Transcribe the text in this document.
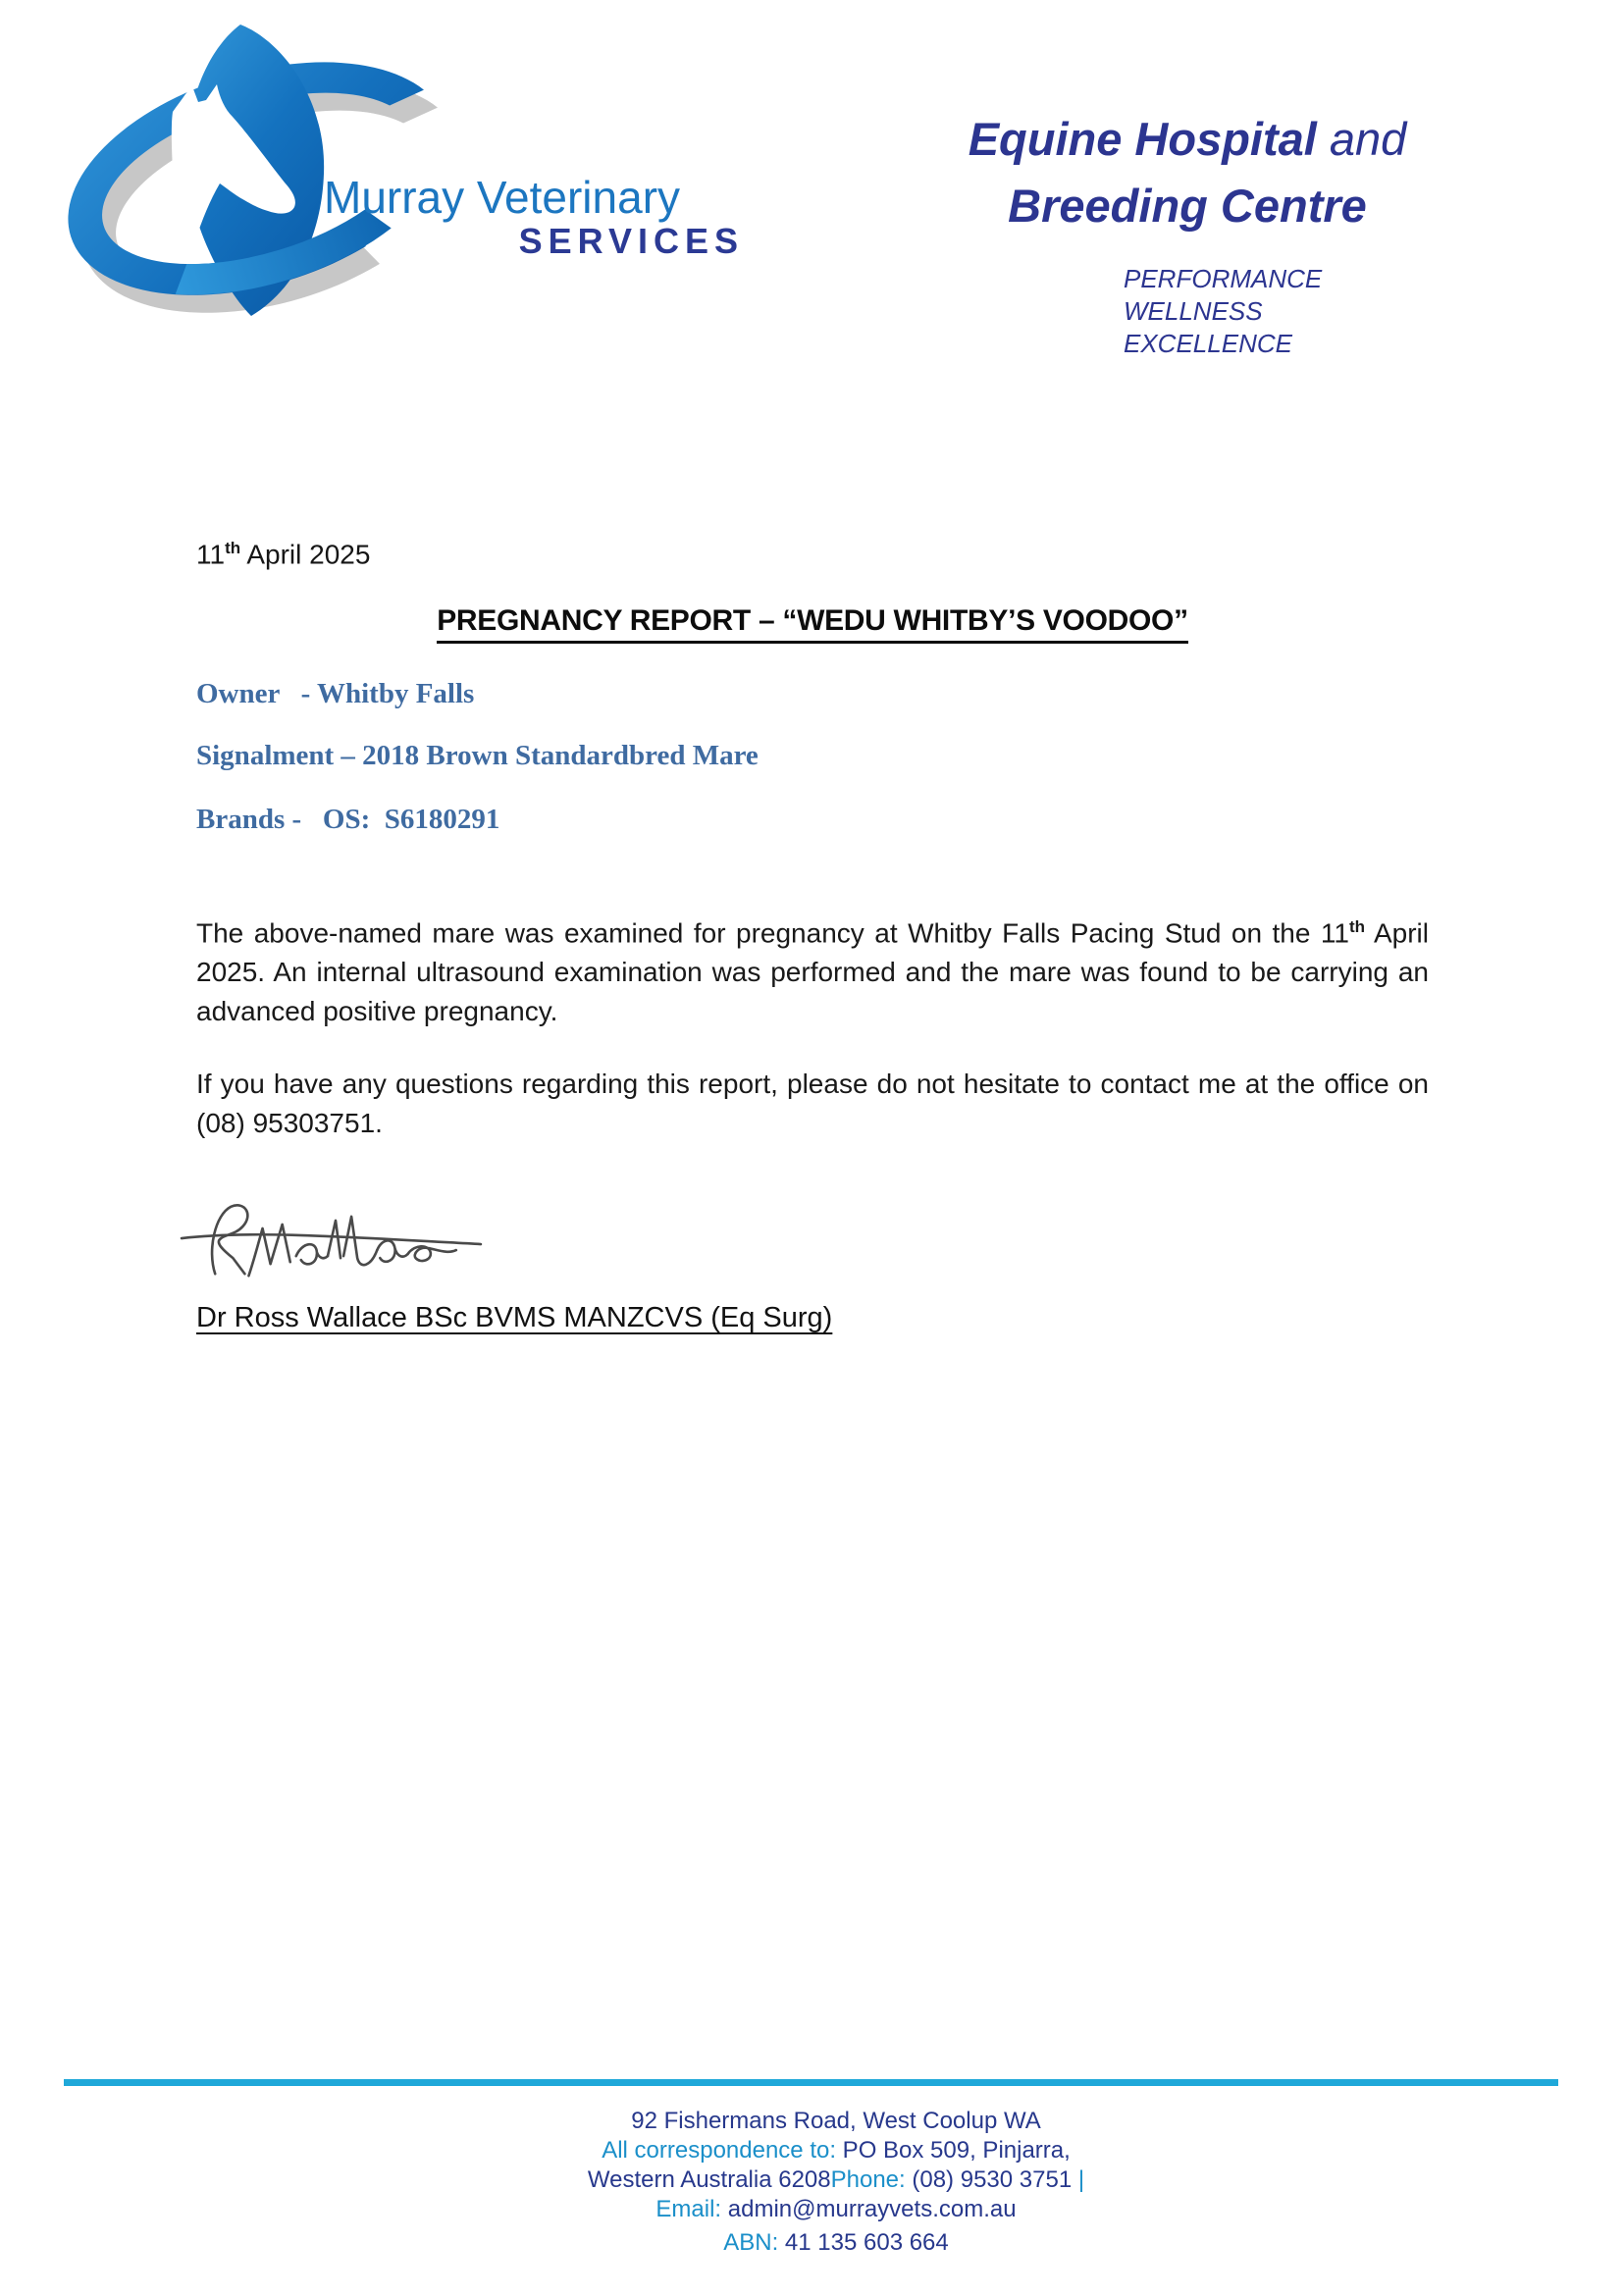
Murray Veterinary
SERVICES
Equine Hospital and
Breeding Centre
PERFORMANCE
WELLNESS
EXCELLENCE
11th April 2025
PREGNANCY REPORT – “WEDU WHITBY’S VOODOO”
Owner   - Whitby Falls
Signalment – 2018 Brown Standardbred Mare
Brands -   OS:  S6180291

The above-named mare was examined for pregnancy at Whitby Falls Pacing Stud on the 11th April 2025. An internal ultrasound examination was performed and the mare was found to be carrying an advanced positive pregnancy.

If you have any questions regarding this report, please do not hesitate to contact me at the office on (08) 95303751.

Dr Ross Wallace BSc BVMS MANZCVS (Eq Surg)
92 Fishermans Road, West Coolup WA
All correspondence to: PO Box 509, Pinjarra,
Western Australia 6208Phone: (08) 9530 3751 |
Email: admin@murrayvets.com.au
ABN: 41 135 603 664
